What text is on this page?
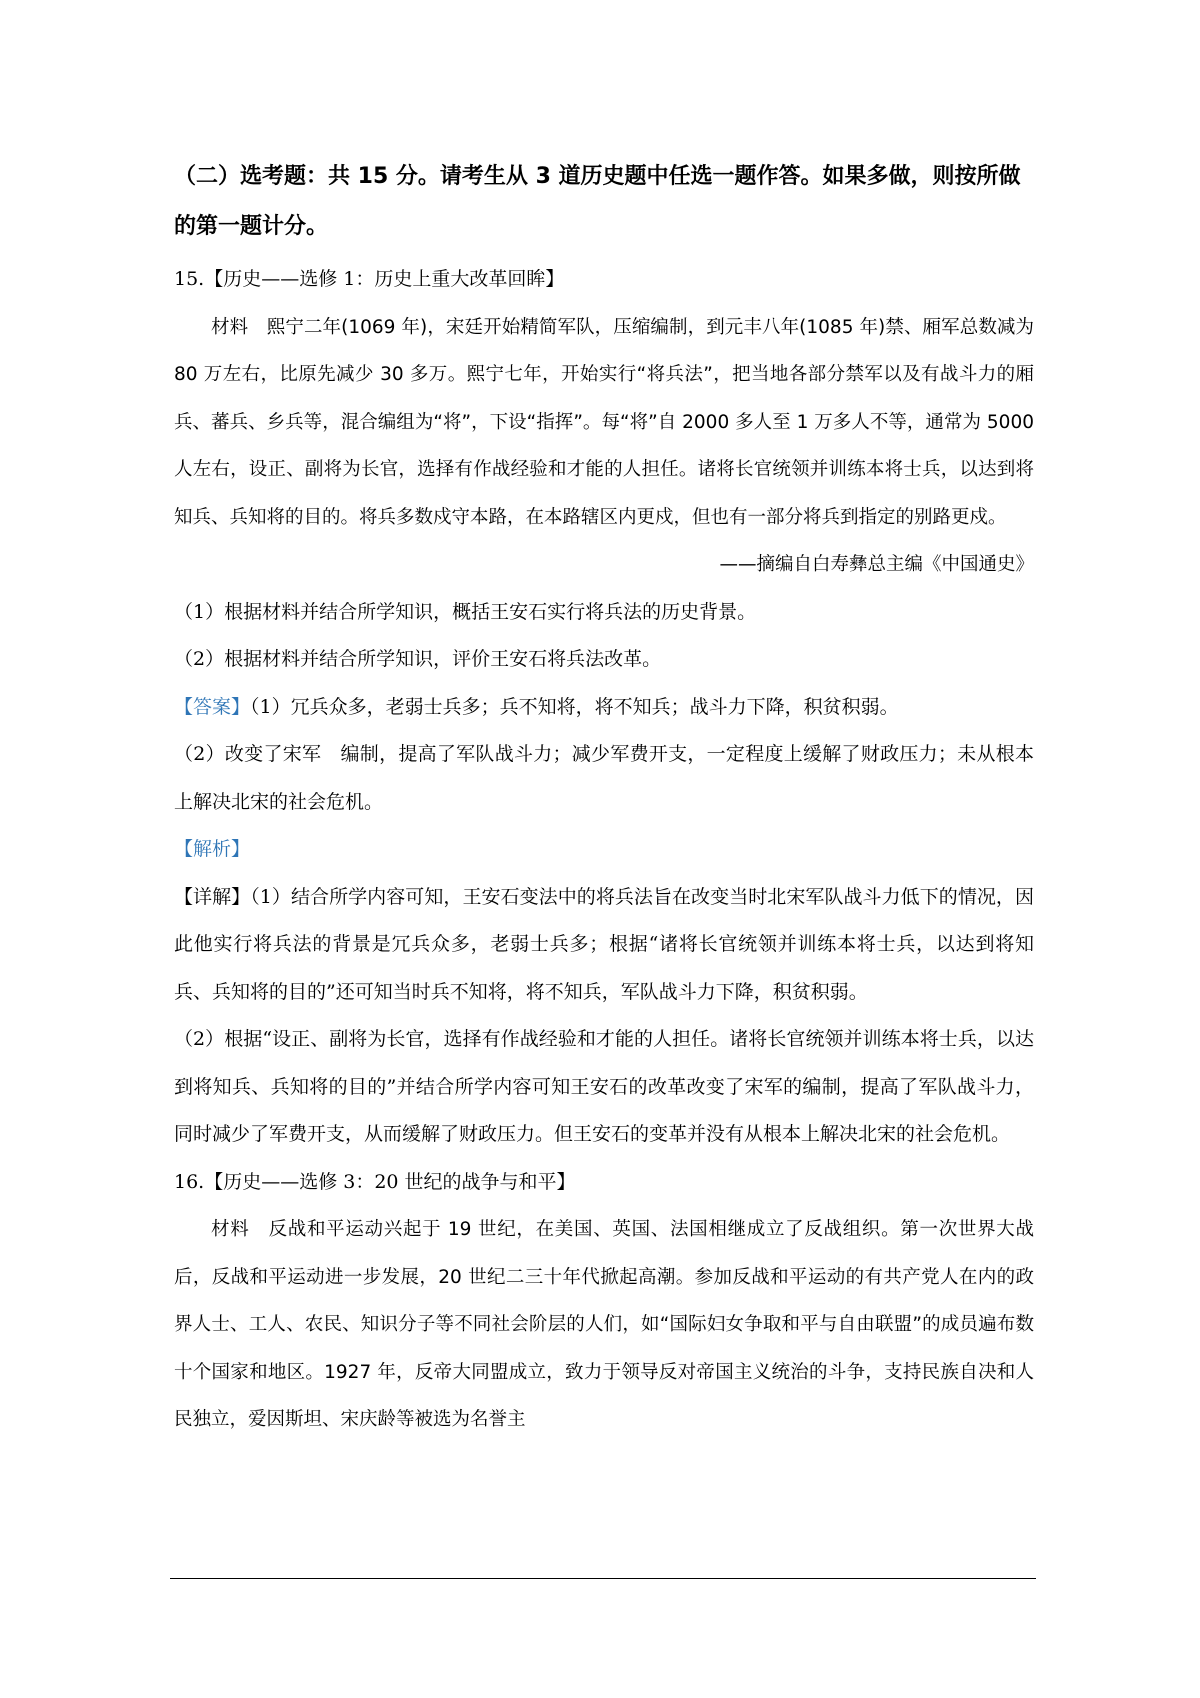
（二）选考题：共 15 分。请考生从 3 道历史题中任选一题作答。如果多做，则按所做的第一题计分。

15.【历史——选修 1：历史上重大改革回眸】

材料　熙宁二年(1069 年)，宋廷开始精简军队，压缩编制，到元丰八年(1085 年)禁、厢军总数减为 80 万左右，比原先减少 30 多万。熙宁七年，开始实行“将兵法”，把当地各部分禁军以及有战斗力的厢兵、蕃兵、乡兵等，混合编组为“将”，下设“指挥”。每“将”自 2000 多人至 1 万多人不等，通常为 5000 人左右，设正、副将为长官，选择有作战经验和才能的人担任。诸将长官统领并训练本将士兵，以达到将知兵、兵知将的目的。将兵多数戍守本路，在本路辖区内更戍，但也有一部分将兵到指定的别路更戍。

——摘编自白寿彝总主编《中国通史》

（1）根据材料并结合所学知识，概括王安石实行将兵法的历史背景。

（2）根据材料并结合所学知识，评价王安石将兵法改革。

【答案】（1）冗兵众多，老弱士兵多；兵不知将，将不知兵；战斗力下降，积贫积弱。

（2）改变了宋军　编制，提高了军队战斗力；减少军费开支，一定程度上缓解了财政压力；未从根本上解决北宋的社会危机。

【解析】

【详解】（1）结合所学内容可知，王安石变法中的将兵法旨在改变当时北宋军队战斗力低下的情况，因此他实行将兵法的背景是冗兵众多，老弱士兵多；根据“诸将长官统领并训练本将士兵，以达到将知兵、兵知将的目的”还可知当时兵不知将，将不知兵，军队战斗力下降，积贫积弱。

（2）根据“设正、副将为长官，选择有作战经验和才能的人担任。诸将长官统领并训练本将士兵，以达到将知兵、兵知将的目的”并结合所学内容可知王安石的改革改变了宋军的编制，提高了军队战斗力，同时减少了军费开支，从而缓解了财政压力。但王安石的变革并没有从根本上解决北宋的社会危机。

16.【历史——选修 3：20 世纪的战争与和平】

材料　反战和平运动兴起于 19 世纪，在美国、英国、法国相继成立了反战组织。第一次世界大战后，反战和平运动进一步发展，20 世纪二三十年代掀起高潮。参加反战和平运动的有共产党人在内的政界人士、工人、农民、知识分子等不同社会阶层的人们，如“国际妇女争取和平与自由联盟”的成员遍布数十个国家和地区。1927 年，反帝大同盟成立，致力于领导反对帝国主义统治的斗争，支持民族自决和人民独立，爱因斯坦、宋庆龄等被选为名誉主
